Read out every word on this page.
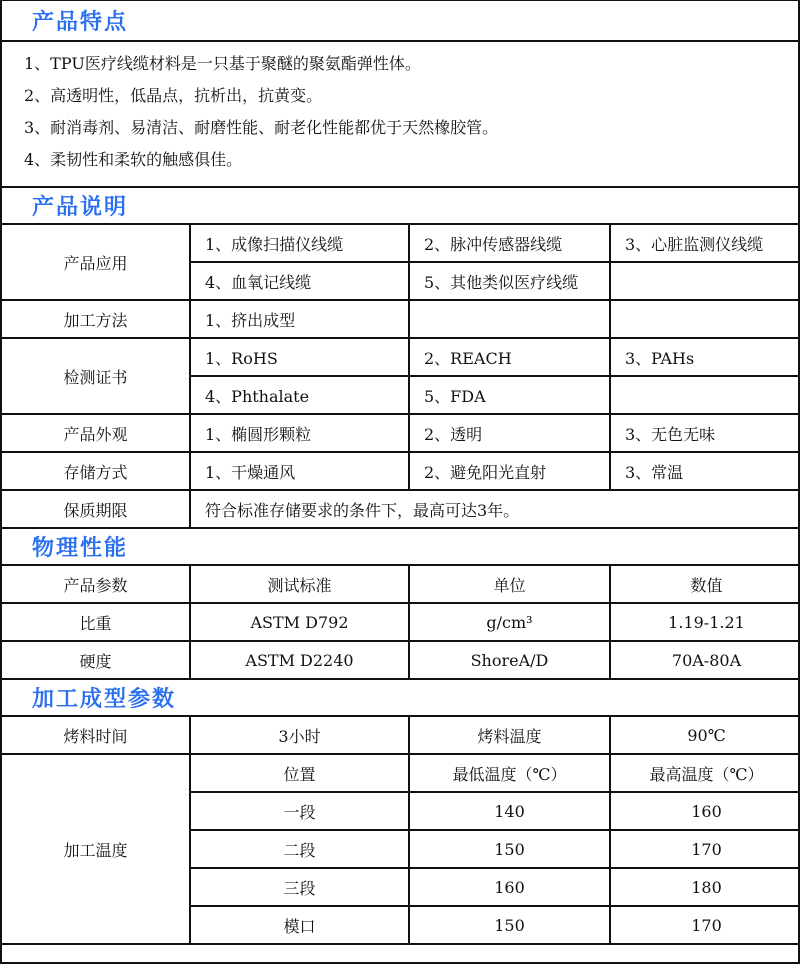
产品特点			

1、TPU医疗线缆材料是一只基于聚醚的聚氨酯弹性体。

2、高透明性，低晶点，抗析出，抗黄变。

3、耐消毒剂、易清洁、耐磨性能、耐老化性能都优于天然橡胶管。

4、柔韧性和柔软的触感俱佳。			

产品说明			
产品应用	1、成像扫描仪线缆	2、脉冲传感器线缆	3、心脏监测仪线缆
	4、血氧记线缆	5、其他类似医疗线缆	
加工方法	1、挤出成型		
检测证书	1、RoHS	2、REACH	3、PAHs
	4、Phthalate	5、FDA	
产品外观	1、椭圆形颗粒	2、透明	3、无色无味
存储方式	1、干燥通风	2、避免阳光直射	3、常温
保质期限	符合标准存储要求的条件下，最高可达3年。		
物理性能			
产品参数	测试标准	单位	数值
比重	ASTM D792	g/cm³	1.19-1.21
硬度	ASTM D2240	ShoreA/D	70A-80A
加工成型参数			
烤料时间	3小时	烤料温度	90℃
加工温度	位置	最低温度（℃）	最高温度（℃）
	一段	140	160
	二段	150	170
	三段	160	180
	模口	150	170
